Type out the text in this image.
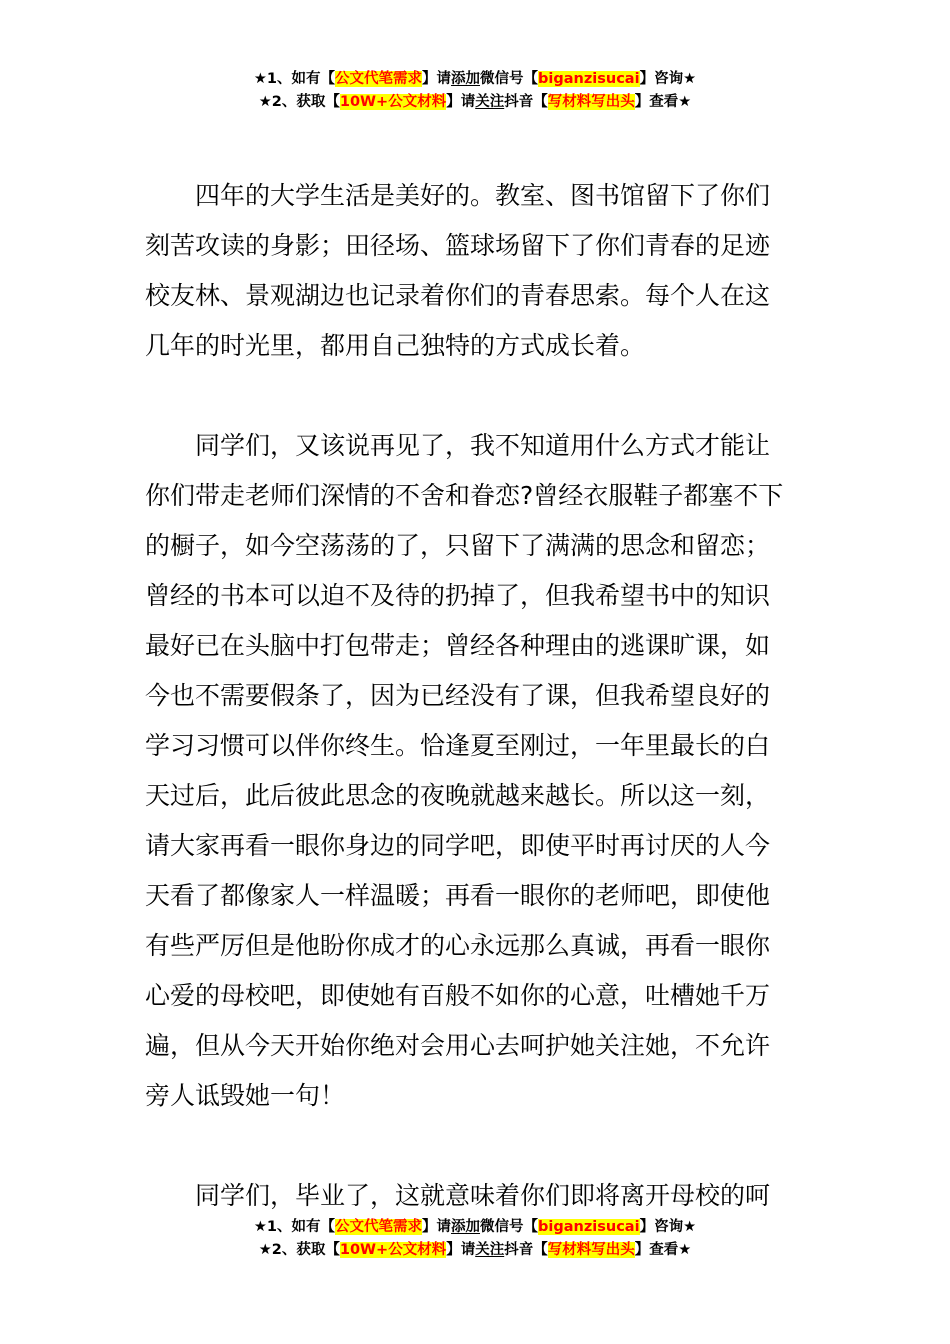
★1、如有【公文代笔需求】请添加微信号【biganzisucai】咨询★
★2、获取【10W+公文材料】请关注抖音【写材料写出头】查看★

　　四年的大学生活是美好的。教室、图书馆留下了你们

刻苦攻读的身影；田径场、篮球场留下了你们青春的足迹

校友林、景观湖边也记录着你们的青春思索。每个人在这

几年的时光里，都用自己独特的方式成长着。

　　同学们，又该说再见了，我不知道用什么方式才能让

你们带走老师们深情的不舍和眷恋?曾经衣服鞋子都塞不下

的橱子，如今空荡荡的了，只留下了满满的思念和留恋；

曾经的书本可以迫不及待的扔掉了，但我希望书中的知识

最好已在头脑中打包带走；曾经各种理由的逃课旷课，如

今也不需要假条了，因为已经没有了课，但我希望良好的

学习习惯可以伴你终生。恰逢夏至刚过，一年里最长的白

天过后，此后彼此思念的夜晚就越来越长。所以这一刻，

请大家再看一眼你身边的同学吧，即使平时再讨厌的人今

天看了都像家人一样温暖；再看一眼你的老师吧，即使他

有些严厉但是他盼你成才的心永远那么真诚，再看一眼你

心爱的母校吧，即使她有百般不如你的心意，吐槽她千万

遍，但从今天开始你绝对会用心去呵护她关注她，不允许

旁人诋毁她一句！

　　同学们，毕业了，这就意味着你们即将离开母校的呵

★1、如有【公文代笔需求】请添加微信号【biganzisucai】咨询★
★2、获取【10W+公文材料】请关注抖音【写材料写出头】查看★
